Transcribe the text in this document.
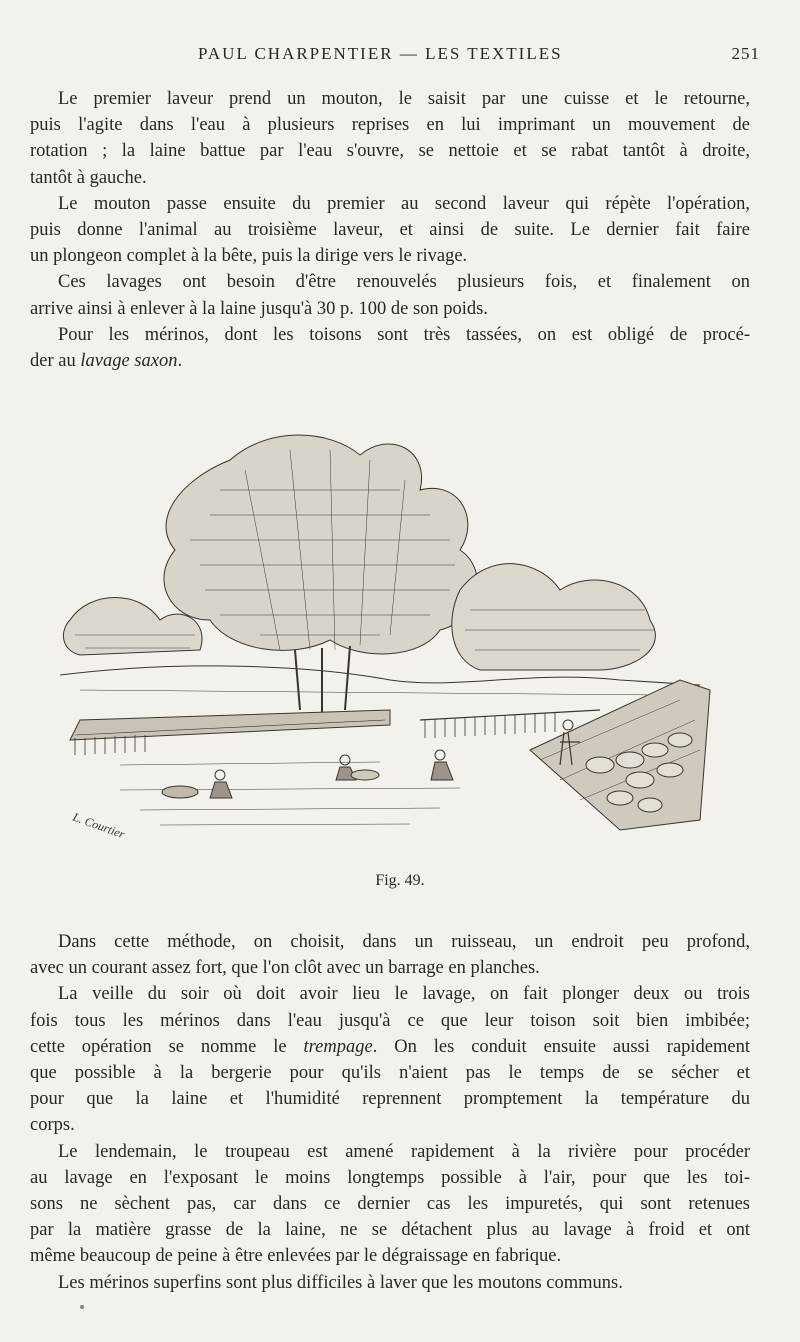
PAUL CHARPENTIER — LES TEXTILES	251
Le premier laveur prend un mouton, le saisit par une cuisse et le retourne,
puis l'agite dans l'eau à plusieurs reprises en lui imprimant un mouvement de
rotation ; la laine battue par l'eau s'ouvre, se nettoie et se rabat tantôt à droite,
tantôt à gauche.
Le mouton passe ensuite du premier au second laveur qui répète l'opération,
puis donne l'animal au troisième laveur, et ainsi de suite. Le dernier fait faire
un plongeon complet à la bête, puis la dirige vers le rivage.
Ces lavages ont besoin d'être renouvelés plusieurs fois, et finalement on
arrive ainsi à enlever à la laine jusqu'à 30 p. 100 de son poids.
Pour les mérinos, dont les toisons sont très tassées, on est obligé de procé-
der au lavage saxon.
L. Courtier
Fig. 49.
Dans cette méthode, on choisit, dans un ruisseau, un endroit peu profond,
avec un courant assez fort, que l'on clôt avec un barrage en planches.
La veille du soir où doit avoir lieu le lavage, on fait plonger deux ou trois
fois tous les mérinos dans l'eau jusqu'à ce que leur toison soit bien imbibée;
cette opération se nomme le trempage. On les conduit ensuite aussi rapidement
que possible à la bergerie pour qu'ils n'aient pas le temps de se sécher et
pour que la laine et l'humidité reprennent promptement la température du
corps.
Le lendemain, le troupeau est amené rapidement à la rivière pour procéder
au lavage en l'exposant le moins longtemps possible à l'air, pour que les toi-
sons ne sèchent pas, car dans ce dernier cas les impuretés, qui sont retenues
par la matière grasse de la laine, ne se détachent plus au lavage à froid et ont
même beaucoup de peine à être enlevées par le dégraissage en fabrique.
Les mérinos superfins sont plus difficiles à laver que les moutons communs.
